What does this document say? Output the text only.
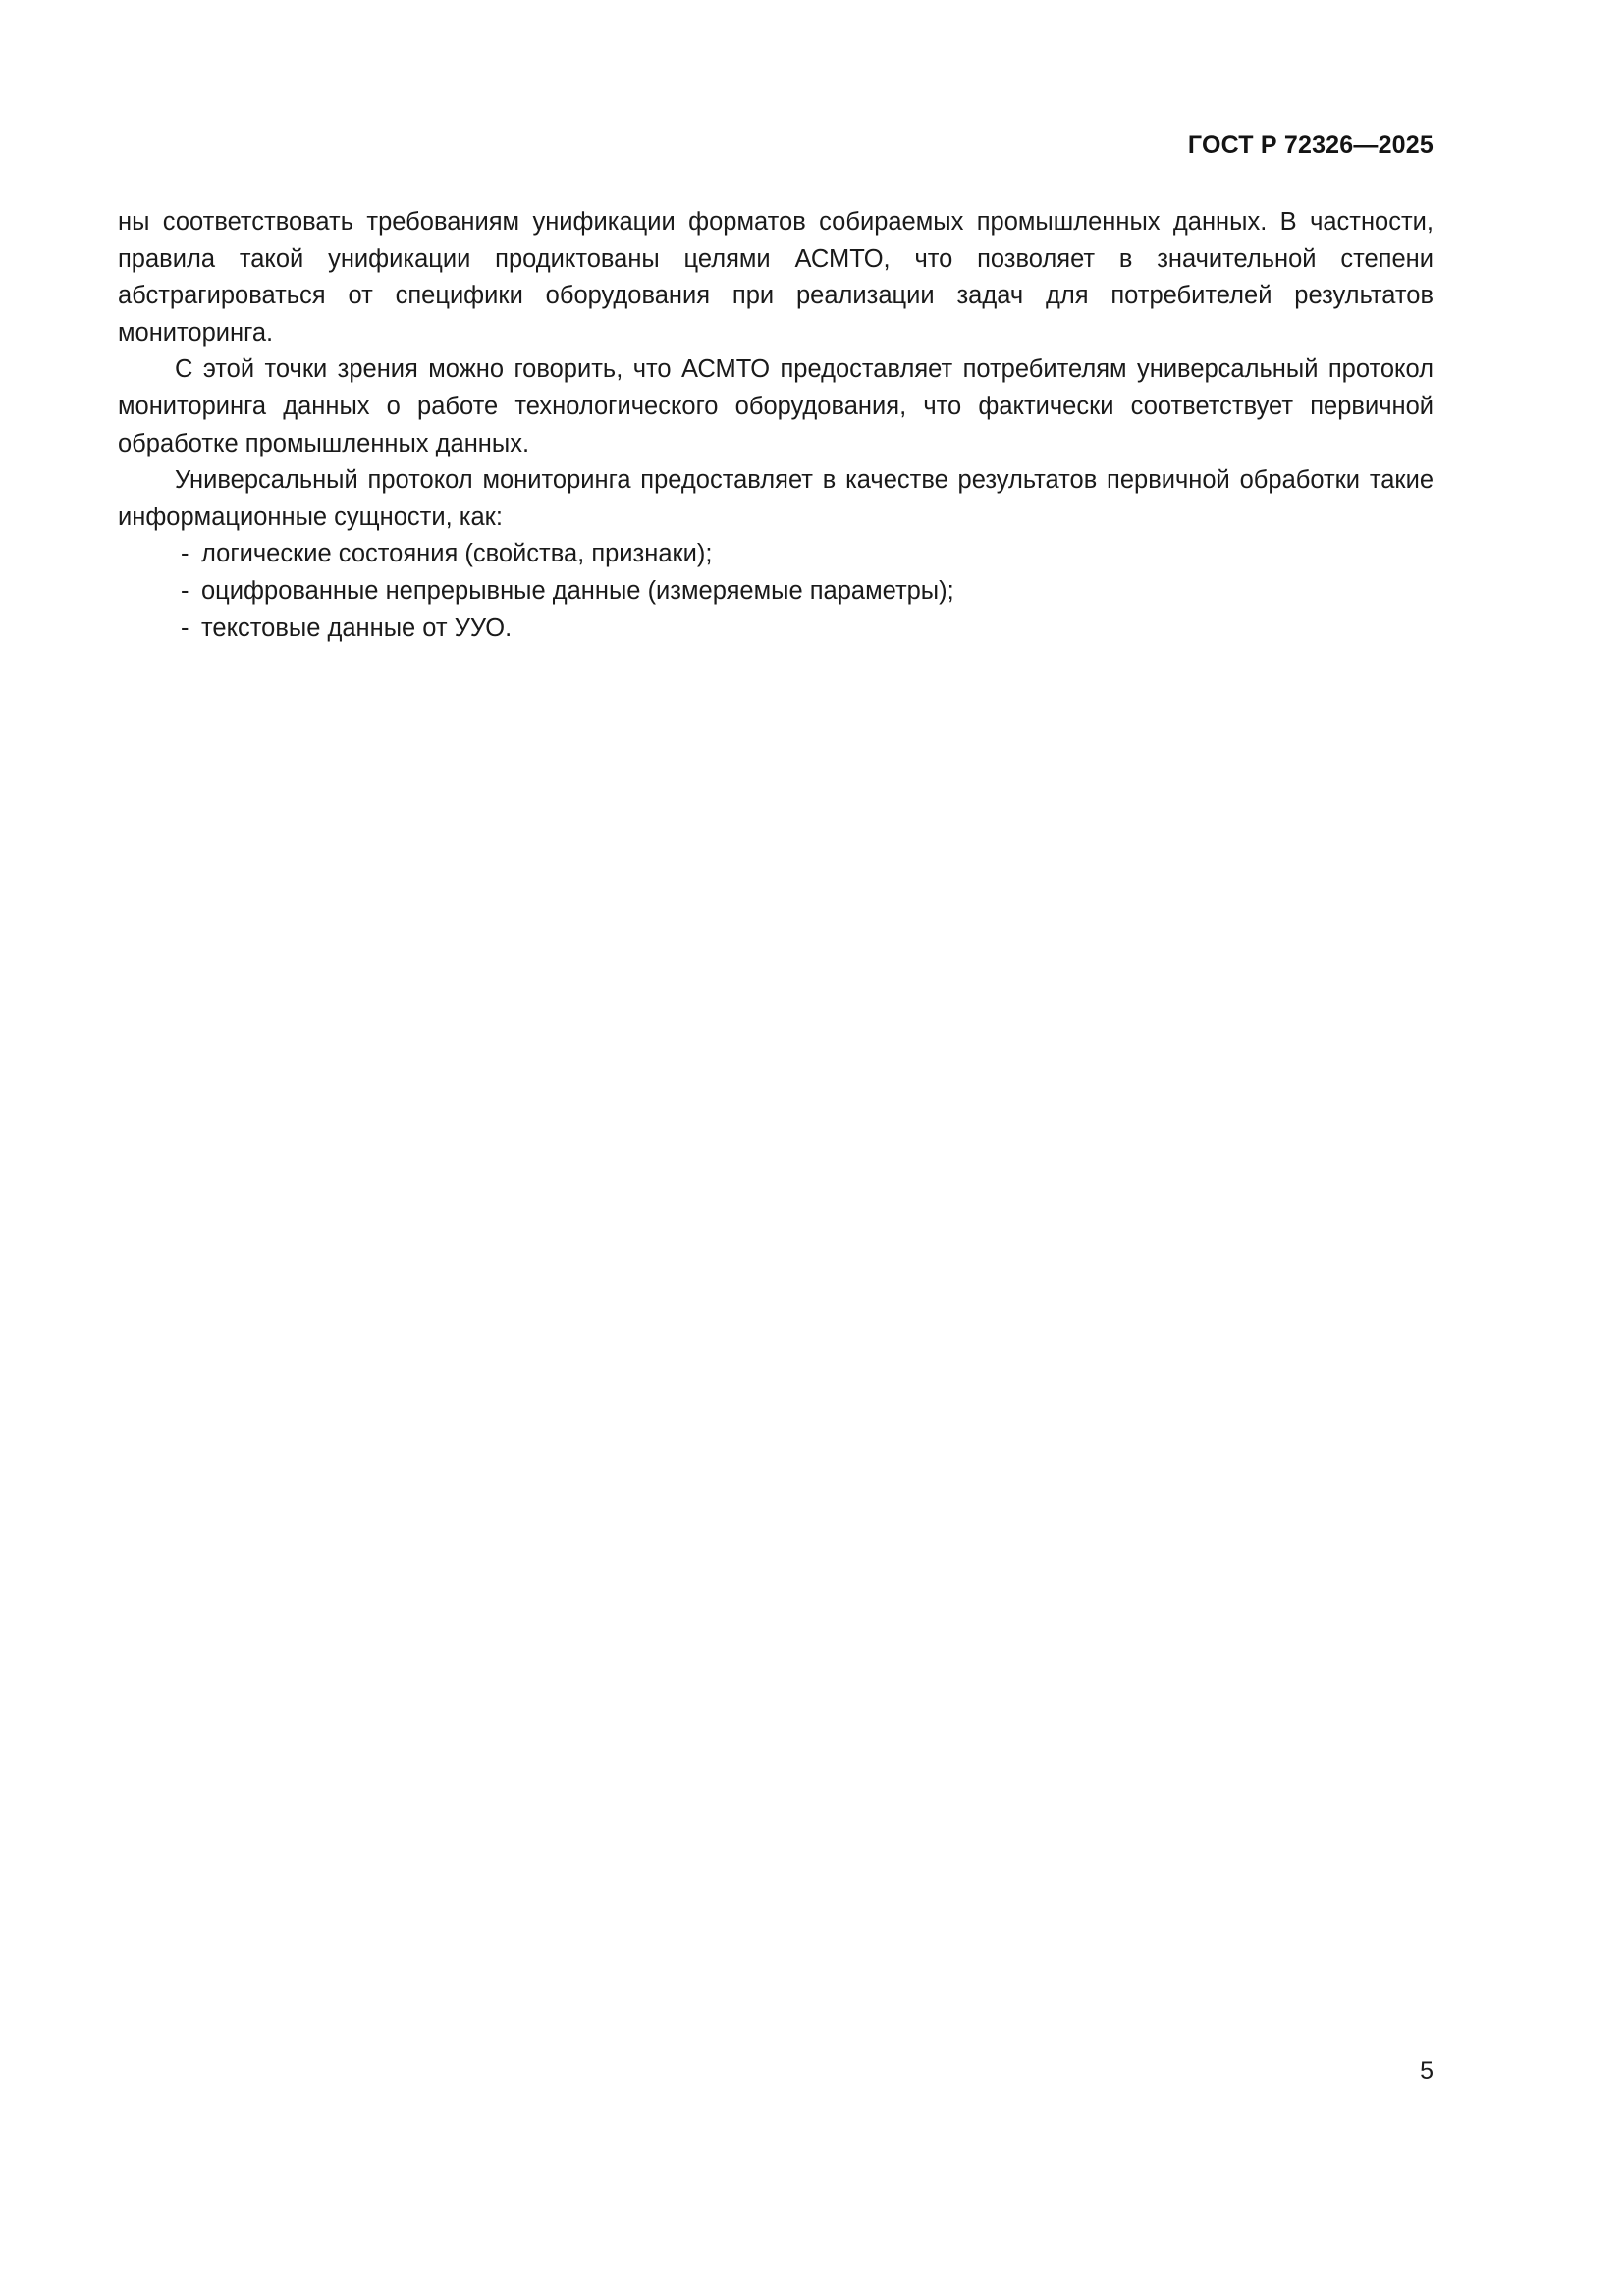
ГОСТ Р 72326—2025

ны соответствовать требованиям унификации форматов собираемых промышленных данных. В частности, правила такой унификации продиктованы целями АСМТО, что позволяет в значительной степени абстрагироваться от специфики оборудования при реализации задач для потребителей результатов мониторинга.

С этой точки зрения можно говорить, что АСМТО предоставляет потребителям универсальный протокол мониторинга данных о работе технологического оборудования, что фактически соответствует первичной обработке промышленных данных.

Универсальный протокол мониторинга предоставляет в качестве результатов первичной обработки такие информационные сущности, как:

- логические состояния (свойства, признаки);
- оцифрованные непрерывные данные (измеряемые параметры);
- текстовые данные от УУО.
5
